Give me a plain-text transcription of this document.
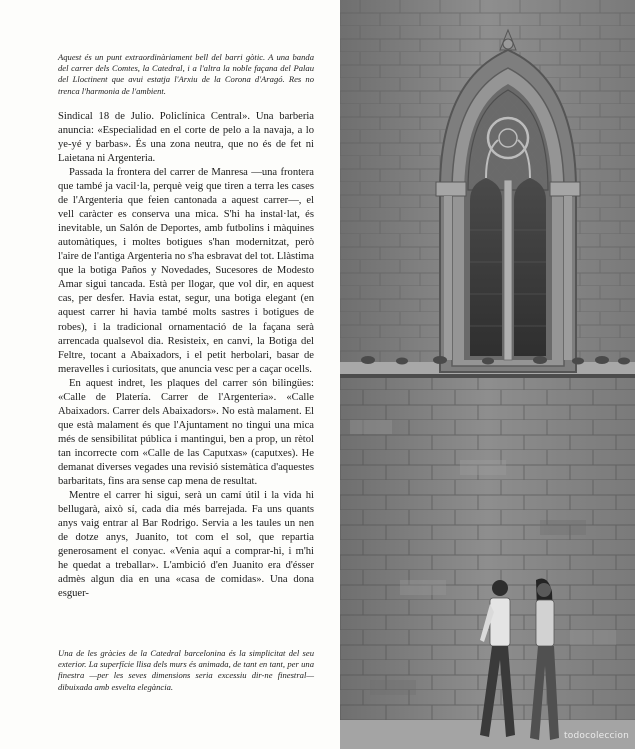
Aquest és un punt extraordinàriament bell del barri gòtic. A una banda del carrer dels Comtes, la Catedral, i a l'altra la noble façana del Palau del Lloctinent que avui estatja l'Arxiu de la Corona d'Aragó. Res no trenca l'harmonia de l'ambient.

Sindical 18 de Julio. Policlínica Central». Una barberia anuncia: «Especialidad en el corte de pelo a la navaja, a lo ye-yé y barbas». És una zona neutra, que no és de fet ni Laietana ni Argenteria.

Passada la frontera del carrer de Manresa —una frontera que també ja vacil·la, perquè veig que tiren a terra les cases de l'Argenteria que feien cantonada a aquest carrer—, el vell caràcter es conserva una mica. S'hi ha instal·lat, és inevitable, un Salón de Deportes, amb futbolins i màquines automàtiques, i moltes botigues s'han modernitzat, però l'aire de l'antiga Argenteria no s'ha esbravat del tot. Llàstima que la botiga Paños y Novedades, Sucesores de Modesto Amar sigui tancada. Està per llogar, que vol dir, en aquest cas, per desfer. Havia estat, segur, una botiga elegant (en aquest carrer hi havia també molts sastres i botigues de robes), i la tradicional ornamentació de la façana serà arrencada qualsevol dia. Resisteix, en canvi, la Botiga del Feltre, tocant a Abaixadors, i el petit herbolari, basar de meravelles i curiositats, que anuncia vesc per a caçar ocells.

En aquest indret, les plaques del carrer són bilingües: «Calle de Platería. Carrer de l'Argenteria». «Calle Abaixadors. Carrer dels Abaixadors». No està malament. El que està malament és que l'Ajuntament no tingui una mica més de sensibilitat pública i mantingui, ben a prop, un rètol tan incorrecte com «Calle de las Caputxas» (caputxes). He demanat diverses vegades una revisió sistemàtica d'aquestes barbaritats, fins ara sense cap mena de resultat.

Mentre el carrer hi sigui, serà un camí útil i la vida hi bellugarà, això sí, cada dia més barrejada. Fa uns quants anys vaig entrar al Bar Rodrigo. Servia a les taules un nen de dotze anys, Juanito, tot com el sol, que repartia generosament el conyac. «Venia aquí a comprar-hi, i m'hi he quedat a treballar». L'ambició d'en Juanito era d'ésser admès algun dia en una «casa de comidas». Una dona esguer-

Una de les gràcies de la Catedral barcelonina és la simplicitat del seu exterior. La superfície llisa dels murs és animada, de tant en tant, per una finestra —per les seves dimensions seria excessiu dir-ne finestral— dibuixada amb esvelta elegància.

todocoleccion
